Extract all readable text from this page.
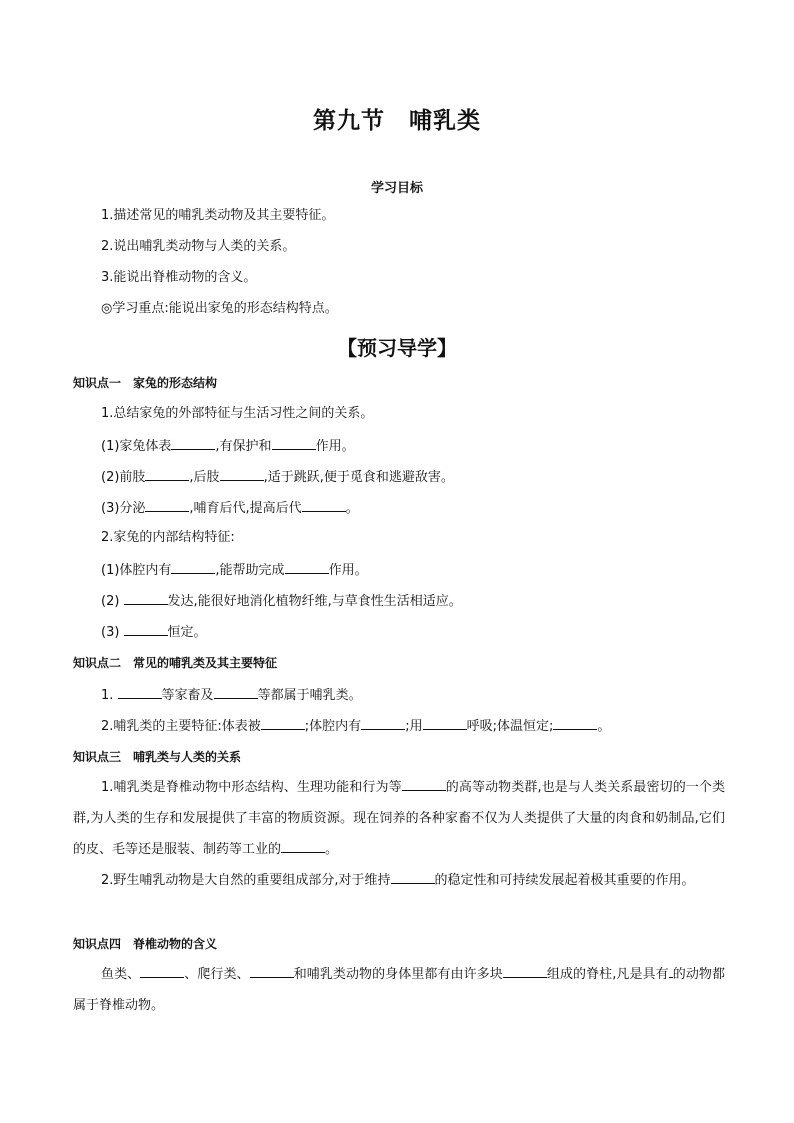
第九节　哺乳类
学习目标
1.描述常见的哺乳类动物及其主要特征。
2.说出哺乳类动物与人类的关系。
3.能说出脊椎动物的含义。
◎学习重点:能说出家兔的形态结构特点。
【预习导学】
知识点一　家兔的形态结构
1.总结家兔的外部特征与生活习性之间的关系。
(1)家兔体表	,有保护和	作用。
(2)前肢	,后肢	,适于跳跃,便于觅食和逃避敌害。
(3)分泌	,哺育后代,提高后代	。
2.家兔的内部结构特征:
(1)体腔内有	,能帮助完成	作用。
(2)	发达,能很好地消化植物纤维,与草食性生活相适应。
(3)	恒定。
知识点二　常见的哺乳类及其主要特征
1.	等家畜及	等都属于哺乳类。
2.哺乳类的主要特征:体表被	;体腔内有	;用	呼吸;体温恒定;	。
知识点三　哺乳类与人类的关系
1.哺乳类是脊椎动物中形态结构、生理功能和行为等	的高等动物类群,也是与人类关系最密切的一个类群,为人类的生存和发展提供了丰富的物质资源。现在饲养的各种家畜不仅为人类提供了大量的肉食和奶制品,它们的皮、毛等还是服装、制药等工业的	。
2.野生哺乳动物是大自然的重要组成部分,对于维持	的稳定性和可持续发展起着极其重要的作用。
知识点四　脊椎动物的含义
鱼类、	、爬行类、	和哺乳类动物的身体里都有由许多块	组成的脊柱,凡是具有 的动物都属于脊椎动物。
